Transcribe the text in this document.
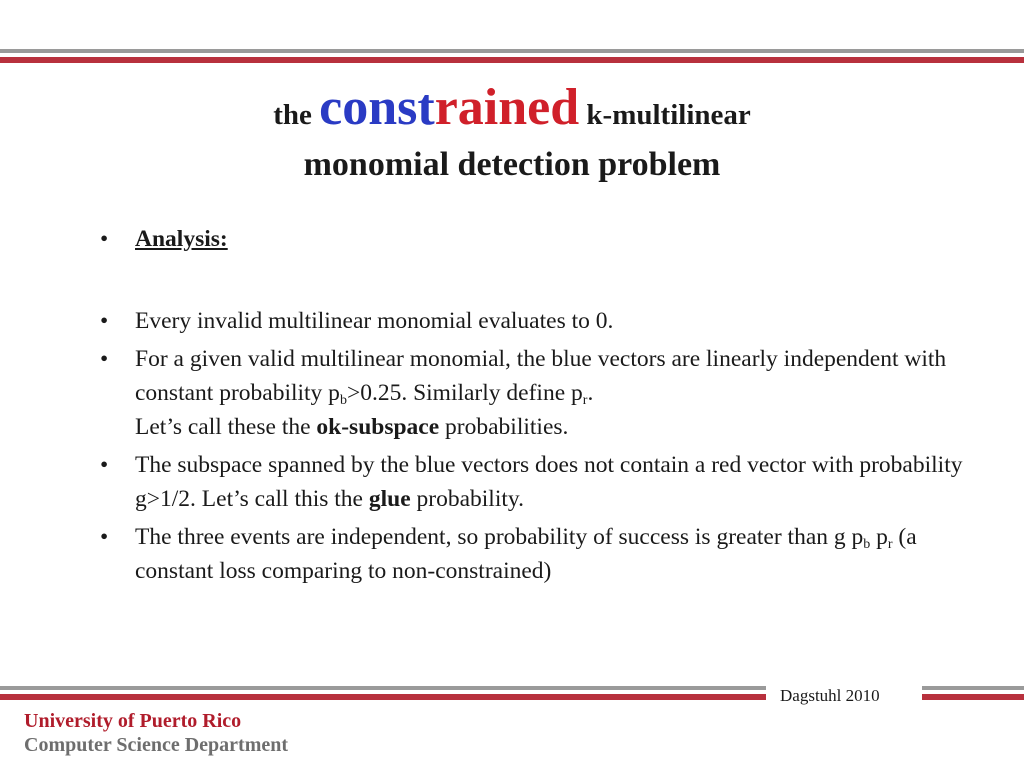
the constrained k-multilinear
monomial detection problem
• Analysis:
• Every invalid multilinear monomial evaluates to 0.
• For a given valid multilinear monomial, the blue vectors are linearly independent with constant probability $p_b>0.25$. Similarly define $p_r$.
Let’s call these the ok-subspace probabilities.
• The subspace spanned by the blue vectors does not contain a red vector with probability g>1/2. Let’s call this the glue probability.
• The three events are independent, so probability of success is greater than g $p_b$ $p_r$ (a constant loss comparing to non-constrained)
Dagstuhl 2010
University of Puerto Rico
Computer Science Department
